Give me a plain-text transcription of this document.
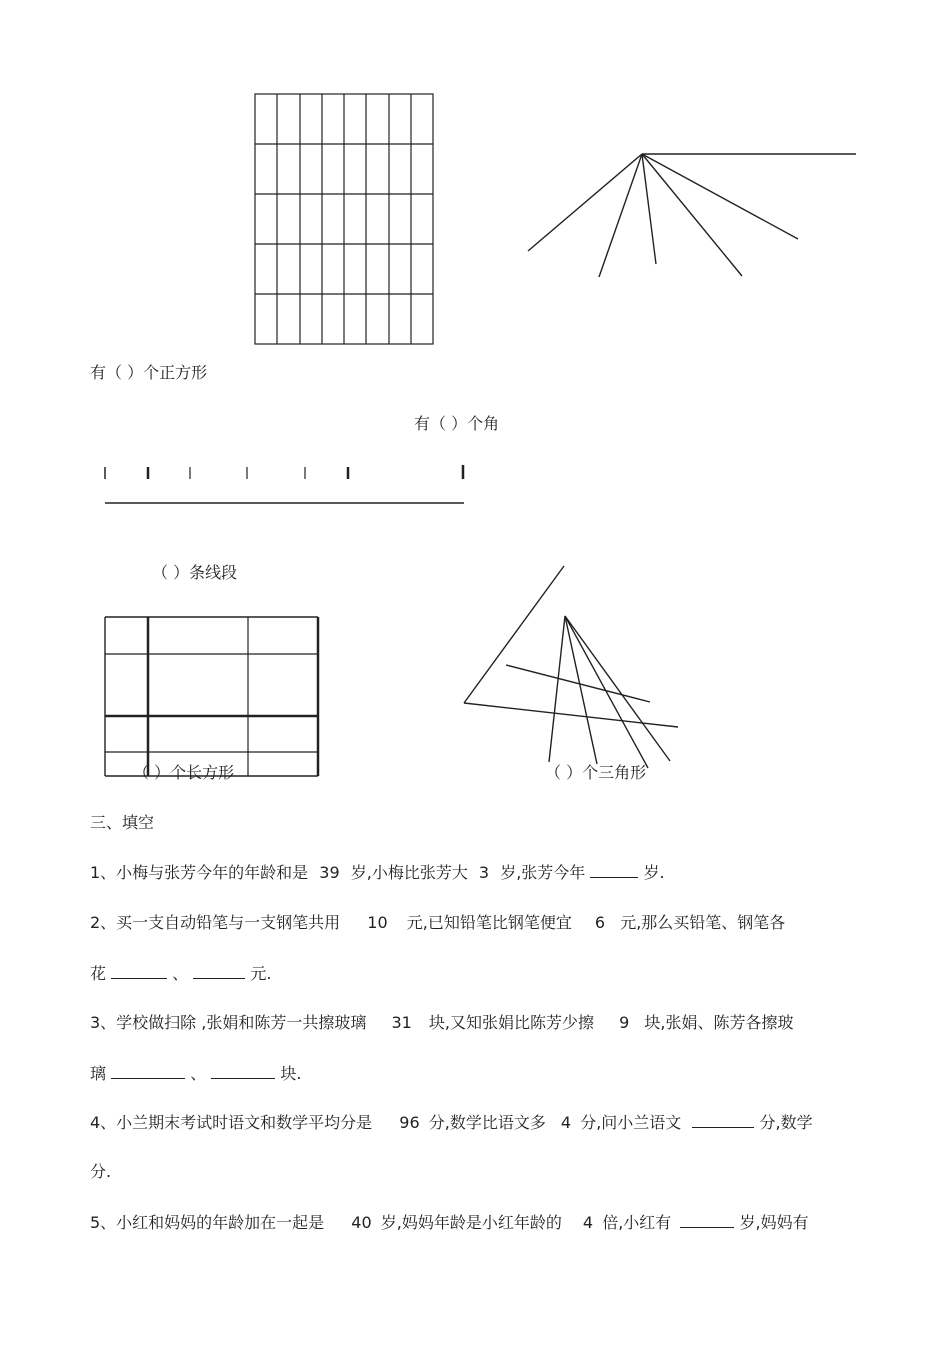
有（ ）个正方形
有（ ）个角
（ ）条线段
（ ）个长方形	（ ）个三角形
三、填空
1、小梅与张芳今年的年龄和是 39 岁,小梅比张芳大 3 岁,张芳今年	岁.
2、买一支自动铅笔与一支钢笔共用 10 元,已知铅笔比钢笔便宜 6 元,那么买铅笔、钢笔各
花	、	元.
3、学校做扫除 ,张娟和陈芳一共擦玻璃 31 块,又知张娟比陈芳少擦 9 块,张娟、陈芳各擦玻
璃	、	块.
4、小兰期末考试时语文和数学平均分是 96 分,数学比语文多 4 分,问小兰语文	分,数学
分.
5、小红和妈妈的年龄加在一起是 40 岁,妈妈年龄是小红年龄的 4 倍,小红有	岁,妈妈有
